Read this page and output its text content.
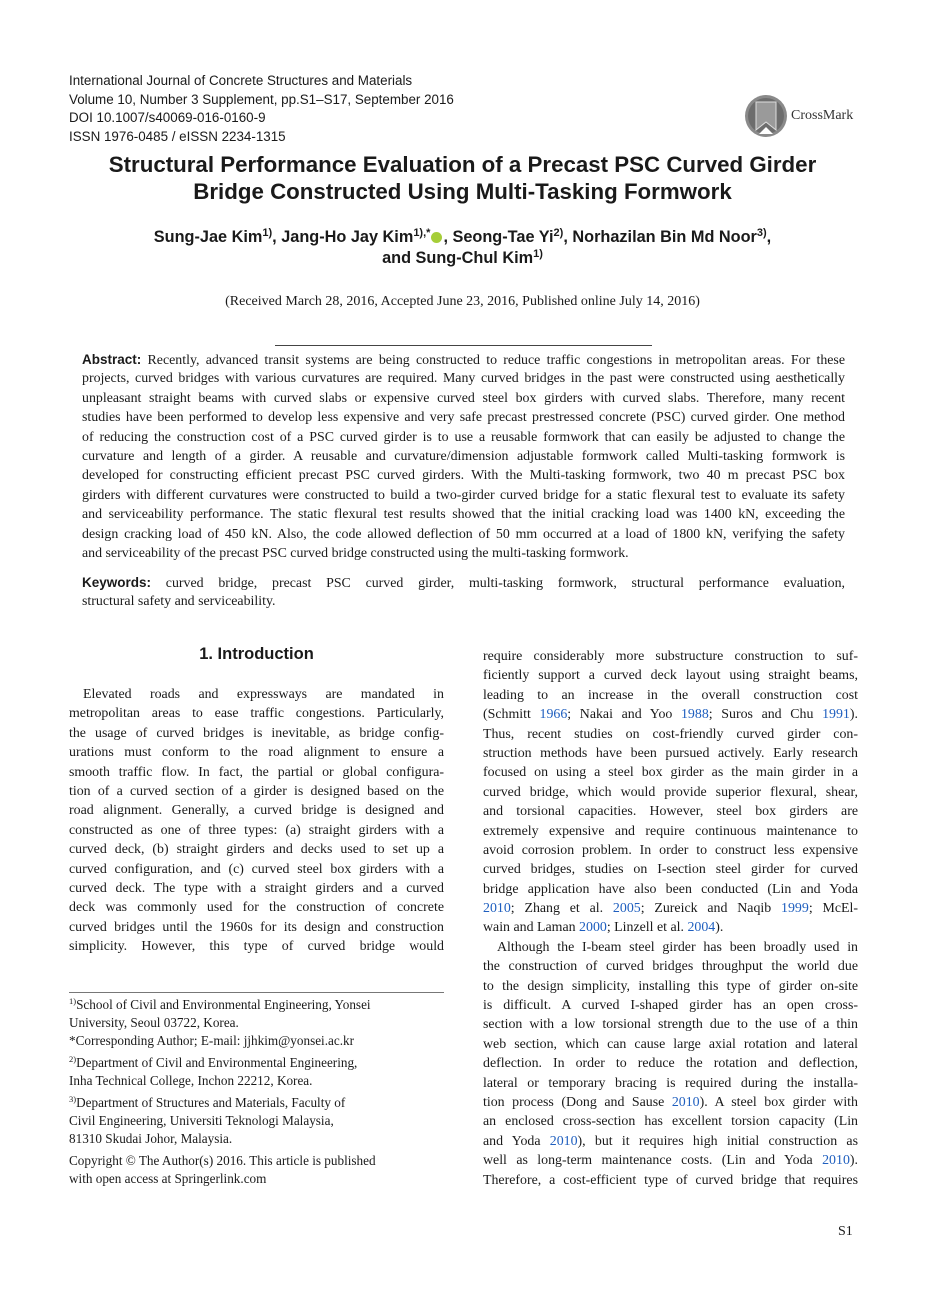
International Journal of Concrete Structures and Materials
Volume 10, Number 3 Supplement, pp.S1–S17, September 2016
DOI 10.1007/s40069-016-0160-9
ISSN 1976-0485 / eISSN 2234-1315
CrossMark
Structural Performance Evaluation of a Precast PSC Curved Girder
Bridge Constructed Using Multi-Tasking Formwork
Sung-Jae Kim$^{1)}$, Jang-Ho Jay Kim$^{1),*}$ , Seong-Tae Yi$^{2)}$, Norhazilan Bin Md Noor$^{3)}$,
and Sung-Chul Kim$^{1)}$
(Received March 28, 2016, Accepted June 23, 2016, Published online July 14, 2016)
Abstract: Recently, advanced transit systems are being constructed to reduce traffic congestions in metropolitan areas. For these
projects, curved bridges with various curvatures are required. Many curved bridges in the past were constructed using aesthetically
unpleasant straight beams with curved slabs or expensive curved steel box girders with curved slabs. Therefore, many recent
studies have been performed to develop less expensive and very safe precast prestressed concrete (PSC) curved girder. One method
of reducing the construction cost of a PSC curved girder is to use a reusable formwork that can easily be adjusted to change the
curvature and length of a girder. A reusable and curvature/dimension adjustable formwork called Multi-tasking formwork is
developed for constructing efficient precast PSC curved girders. With the Multi-tasking formwork, two 40 m precast PSC box
girders with different curvatures were constructed to build a two-girder curved bridge for a static flexural test to evaluate its safety
and serviceability performance. The static flexural test results showed that the initial cracking load was 1400 kN, exceeding the
design cracking load of 450 kN. Also, the code allowed deflection of 50 mm occurred at a load of 1800 kN, verifying the safety
and serviceability of the precast PSC curved bridge constructed using the multi-tasking formwork.
Keywords: curved bridge, precast PSC curved girder, multi-tasking formwork, structural performance evaluation,
structural safety and serviceability.
1. Introduction
Elevated roads and expressways are mandated in
metropolitan areas to ease traffic congestions. Particularly,
the usage of curved bridges is inevitable, as bridge config-
urations must conform to the road alignment to ensure a
smooth traffic flow. In fact, the partial or global configura-
tion of a curved section of a girder is designed based on the
road alignment. Generally, a curved bridge is designed and
constructed as one of three types: (a) straight girders with a
curved deck, (b) straight girders and decks used to set up a
curved configuration, and (c) curved steel box girders with a
curved deck. The type with a straight girders and a curved
deck was commonly used for the construction of concrete
curved bridges until the 1960s for its design and construction
simplicity. However, this type of curved bridge would
require considerably more substructure construction to suf-
ficiently support a curved deck layout using straight beams,
leading to an increase in the overall construction cost
(Schmitt 1966; Nakai and Yoo 1988; Suros and Chu 1991).
Thus, recent studies on cost-friendly curved girder con-
struction methods have been pursued actively. Early research
focused on using a steel box girder as the main girder in a
curved bridge, which would provide superior flexural, shear,
and torsional capacities. However, steel box girders are
extremely expensive and require continuous maintenance to
avoid corrosion problem. In order to construct less expensive
curved bridges, studies on I-section steel girder for curved
bridge application have also been conducted (Lin and Yoda
2010; Zhang et al. 2005; Zureick and Naqib 1999; McEl-
wain and Laman 2000; Linzell et al. 2004).
Although the I-beam steel girder has been broadly used in
the construction of curved bridges throughput the world due
to the design simplicity, installing this type of girder on-site
is difficult. A curved I-shaped girder has an open cross-
section with a low torsional strength due to the use of a thin
web section, which can cause large axial rotation and lateral
deflection. In order to reduce the rotation and deflection,
lateral or temporary bracing is required during the installa-
tion process (Dong and Sause 2010). A steel box girder with
an enclosed cross-section has excellent torsion capacity (Lin
and Yoda 2010), but it requires high initial construction as
well as long-term maintenance costs. (Lin and Yoda 2010).
Therefore, a cost-efficient type of curved bridge that requires
$^{1)}$School of Civil and Environmental Engineering, Yonsei
University, Seoul 03722, Korea.
*Corresponding Author; E-mail: jjhkim@yonsei.ac.kr
$^{2)}$Department of Civil and Environmental Engineering,
Inha Technical College, Inchon 22212, Korea.
$^{3)}$Department of Structures and Materials, Faculty of
Civil Engineering, Universiti Teknologi Malaysia,
81310 Skudai Johor, Malaysia.
Copyright © The Author(s) 2016. This article is published
with open access at Springerlink.com
S1
